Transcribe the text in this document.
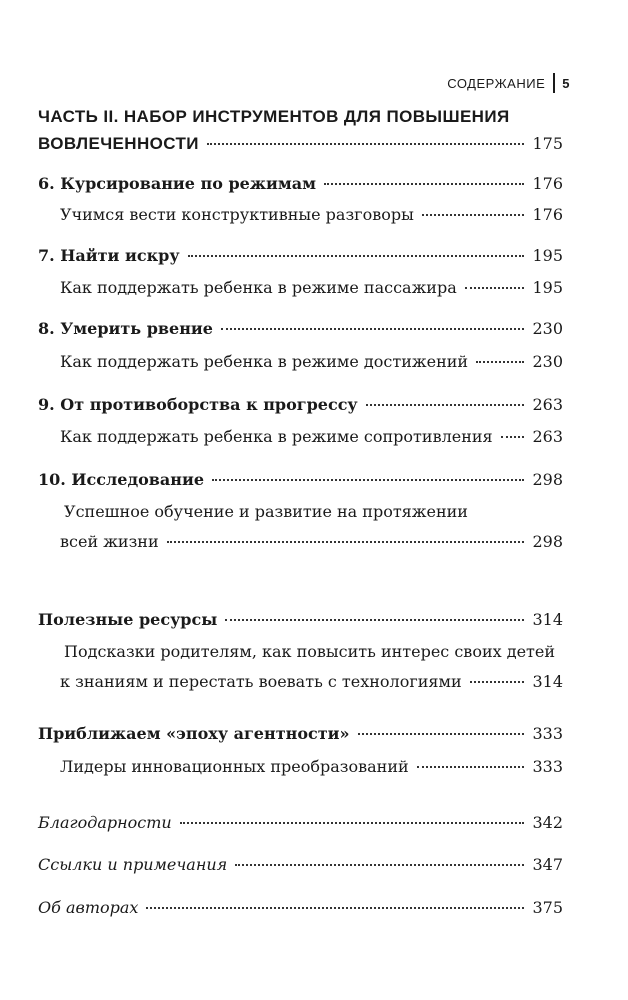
СОДЕРЖАНИЕ 5
ЧАСТЬ II. НАБОР ИНСТРУМЕНТОВ ДЛЯ ПОВЫШЕНИЯ
ВОВЛЕЧЕННОСТИ	175
6. Курсирование по режимам	176
Учимся вести конструктивные разговоры	176
7. Найти искру	195
Как поддержать ребенка в режиме пассажира	195
8. Умерить рвение	230
Как поддержать ребенка в режиме достижений	230
9. От противоборства к прогрессу	263
Как поддержать ребенка в режиме сопротивления 263
10. Исследование	298
Успешное обучение и развитие на протяжении
всей жизни	298
Полезные ресурсы	314
Подсказки родителям, как повысить интерес своих детей
к знаниям и перестать воевать с технологиями	314
Приближаем «эпоху агентности»	333
Лидеры инновационных преобразований	333
Благодарности	342
Ссылки и примечания	347
Об авторах	375
